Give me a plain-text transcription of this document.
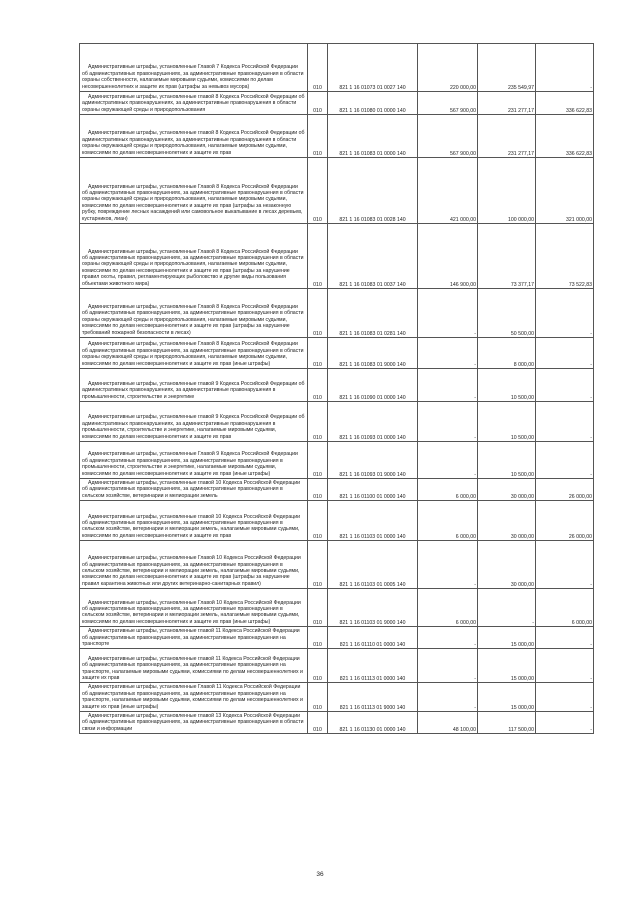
Административные штрафы, установленные Главой 7 Кодекса Российской Федерации об административных правонарушениях, за административные правонарушения в области охраны собственности, налагаемые мировыми судьями, комиссиями по делам несовершеннолетних и защите их прав (штрафы за невывоз мусора)	010	821 1 16 01073 01 0027 140	220 000,00	235 549,97	-

Административные штрафы, установленные главой 8 Кодекса Российской Федерации об административных правонарушениях, за административные правонарушения в области охраны окружающей среды и природопользования	010	821 1 16 01080 01 0000 140	567 900,00	231 277,17	336 622,83

Административные штрафы, установленные главой 8 Кодекса Российской Федерации об административных правонарушениях, за административные правонарушения в области охраны окружающей среды и природопользования, налагаемые мировыми судьями, комиссиями по делам несовершеннолетних и защите их прав	010	821 1 16 01083 01 0000 140	567 900,00	231 277,17	336 622,83

Административные штрафы, установленные Главой 8 Кодекса Российской Федерации об административных правонарушениях, за административные правонарушения в области охраны окружающей среды и природопользования, налагаемые мировыми судьями, комиссиями по делам несовершеннолетних и защите их прав (штрафы за незаконную рубку, повреждение лесных насаждений или самовольное выкапывание в лесах деревьев, кустарников, лиан)	010	821 1 16 01083 01 0028 140	421 000,00	100 000,00	321 000,00

Административные штрафы, установленные Главой 8 Кодекса Российской Федерации об административных правонарушениях, за административные правонарушения в области охраны окружающей среды и природопользования, налагаемые мировыми судьями, комиссиями по делам несовершеннолетних и защите их прав (штрафы за нарушение правил охоты, правил, регламентирующих рыболовство и другие виды пользования объектами животного мира)	010	821 1 16 01083 01 0037 140	146 900,00	73 377,17	73 522,83

Административные штрафы, установленные Главой 8 Кодекса Российской Федерации об административных правонарушениях, за административные правонарушения в области охраны окружающей среды и природопользования, налагаемые мировыми судьями, комиссиями по делам несовершеннолетних и защите их прав (штрафы за нарушение требований пожарной безопасности в лесах)	010	821 1 16 01083 01 0281 140	-	50 500,00	-

Административные штрафы, установленные Главой 8 Кодекса Российской Федерации об административных правонарушениях, за административные правонарушения в области охраны окружающей среды и природопользования, налагаемые мировыми судьями, комиссиями по делам несовершеннолетних и защите их прав (иные штрафы)	010	821 1 16 01083 01 9000 140	-	8 000,00	-

Административные штрафы, установленные главой 9 Кодекса Российской Федерации об административных правонарушениях, за административные правонарушения в промышленности, строительстве и энергетике	010	821 1 16 01090 01 0000 140	-	10 500,00	-

Административные штрафы, установленные главой 9 Кодекса Российской Федерации об административных правонарушениях, за административные правонарушения в промышленности, строительстве и энергетике, налагаемые мировыми судьями, комиссиями по делам несовершеннолетних и защите их прав	010	821 1 16 01093 01 0000 140	-	10 500,00	-

Административные штрафы, установленные Главой 9 Кодекса Российской Федерации об административных правонарушениях, за административные правонарушения в промышленности, строительстве и энергетике, налагаемые мировыми судьями, комиссиями по делам несовершеннолетних и защите их прав (иные штрафы)	010	821 1 16 01093 01 9000 140	-	10 500,00	-

Административные штрафы, установленные главой 10 Кодекса Российской Федерации об административных правонарушениях, за административные правонарушения в сельском хозяйстве, ветеринарии и мелиорации земель	010	821 1 16 01100 01 0000 140	6 000,00	30 000,00	26 000,00

Административные штрафы, установленные главой 10 Кодекса Российской Федерации об административных правонарушениях, за административные правонарушения в сельском хозяйстве, ветеринарии и мелиорации земель, налагаемые мировыми судьями, комиссиями по делам несовершеннолетних и защите их прав	010	821 1 16 01103 01 0000 140	6 000,00	30 000,00	26 000,00

Административные штрафы, установленные Главой 10 Кодекса Российской Федерации об административных правонарушениях, за административные правонарушения в сельском хозяйстве, ветеринарии и мелиорации земель, налагаемые мировыми судьями, комиссиями по делам несовершеннолетних и защите их прав (штрафы за нарушение правил карантина животных или других ветеринарно-санитарных правил)	010	821 1 16 01103 01 0005 140	-	30 000,00	-

Административные штрафы, установленные Главой 10 Кодекса Российской Федерации об административных правонарушениях, за административные правонарушения в сельском хозяйстве, ветеринарии и мелиорации земель, налагаемые мировыми судьями, комиссиями по делам несовершеннолетних и защите их прав (иные штрафы)	010	821 1 16 01103 01 9000 140	6 000,00	-	6 000,00

Административные штрафы, установленные главой 11 Кодекса Российской Федерации об административных правонарушениях, за административные правонарушения на транспорте	010	821 1 16 01110 01 0000 140	-	15 000,00	-

Административные штрафы, установленные главой 11 Кодекса Российской Федерации об административных правонарушениях, за административные правонарушения на транспорте, налагаемые мировыми судьями, комиссиями по делам несовершеннолетних и защите их прав	010	821 1 16 01113 01 0000 140	-	15 000,00	-

Административные штрафы, установленные Главой 11 Кодекса Российской Федерации об административных правонарушениях, за административные правонарушения на транспорте, налагаемые мировыми судьями, комиссиями по делам несовершеннолетних и защите их прав (иные штрафы)	010	821 1 16 01113 01 9000 140	-	15 000,00	-

Административные штрафы, установленные главой 13 Кодекса Российской Федерации об административных правонарушениях, за административные правонарушения в области связи и информации	010	821 1 16 01130 01 0000 140	48 100,00	117 500,00	-
36
